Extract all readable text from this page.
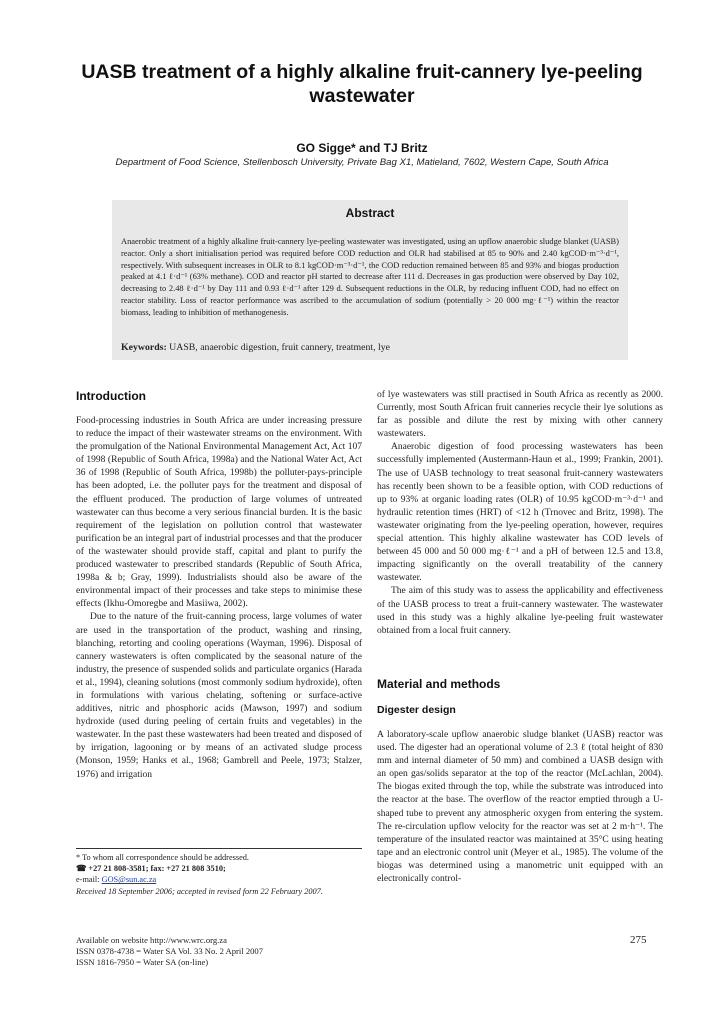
UASB treatment of a highly alkaline fruit-cannery lye-peeling wastewater
GO Sigge* and TJ Britz
Department of Food Science, Stellenbosch University, Private Bag X1, Matieland, 7602, Western Cape, South Africa
Abstract
Anaerobic treatment of a highly alkaline fruit-cannery lye-peeling wastewater was investigated, using an upflow anaerobic sludge blanket (UASB) reactor. Only a short initialisation period was required before COD reduction and OLR had stabilised at 85 to 90% and 2.40 kgCOD·m⁻³·d⁻¹, respectively. With subsequent increases in OLR to 8.1 kgCOD·m⁻³·d⁻¹, the COD reduction remained between 85 and 93% and biogas production peaked at 4.1 ℓ·d⁻¹ (63% methane). COD and reactor pH started to decrease after 111 d. Decreases in gas production were observed by Day 102, decreasing to 2.48 ℓ·d⁻¹ by Day 111 and 0.93 ℓ·d⁻¹ after 129 d. Subsequent reductions in the OLR, by reducing influent COD, had no effect on reactor stability. Loss of reactor performance was ascribed to the accumulation of sodium (potentially > 20 000 mg·ℓ⁻¹) within the reactor biomass, leading to inhibition of methanogenesis.
Keywords: UASB, anaerobic digestion, fruit cannery, treatment, lye
Introduction

Food-processing industries in South Africa are under increasing pressure to reduce the impact of their wastewater streams on the environment. With the promulgation of the National Environmental Management Act, Act 107 of 1998 (Republic of South Africa, 1998a) and the National Water Act, Act 36 of 1998 (Republic of South Africa, 1998b) the polluter-pays-principle has been adopted, i.e. the polluter pays for the treatment and disposal of the effluent produced. The production of large volumes of untreated wastewater can thus become a very serious financial burden. It is the basic requirement of the legislation on pollution control that wastewater purification be an integral part of industrial processes and that the producer of the wastewater should provide staff, capital and plant to purify the produced wastewater to prescribed standards (Republic of South Africa, 1998a & b; Gray, 1999). Industrialists should also be aware of the environmental impact of their processes and take steps to minimise these effects (Ikhu-Omoregbe and Masiiwa, 2002).

Due to the nature of the fruit-canning process, large volumes of water are used in the transportation of the product, washing and rinsing, blanching, retorting and cooling operations (Wayman, 1996). Disposal of cannery wastewaters is often complicated by the seasonal nature of the industry, the presence of suspended solids and particulate organics (Harada et al., 1994), cleaning solutions (most commonly sodium hydroxide), often in formulations with various chelating, softening or surface-active additives, nitric and phosphoric acids (Mawson, 1997) and sodium hydroxide (used during peeling of certain fruits and vegetables) in the wastewater. In the past these wastewaters had been treated and disposed of by irrigation, lagooning or by means of an activated sludge process (Monson, 1959; Hanks et al., 1968; Gambrell and Peele, 1973; Stalzer, 1976) and irrigation

* To whom all correspondence should be addressed.
☎ +27 21 808-3581; fax: +27 21 808 3510;
e-mail: GOS@sun.ac.za
Received 18 September 2006; accepted in revised form 22 February 2007.

of lye wastewaters was still practised in South Africa as recently as 2000. Currently, most South African fruit canneries recycle their lye solutions as far as possible and dilute the rest by mixing with other cannery wastewaters.

Anaerobic digestion of food processing wastewaters has been successfully implemented (Austermann-Haun et al., 1999; Frankin, 2001). The use of UASB technology to treat seasonal fruit-cannery wastewaters has recently been shown to be a feasible option, with COD reductions of up to 93% at organic loading rates (OLR) of 10.95 kgCOD·m⁻³·d⁻¹ and hydraulic retention times (HRT) of <12 h (Trnovec and Britz, 1998). The wastewater originating from the lye-peeling operation, however, requires special attention. This highly alkaline wastewater has COD levels of between 45 000 and 50 000 mg·ℓ⁻¹ and a pH of between 12.5 and 13.8, impacting significantly on the overall treatability of the cannery wastewater.

The aim of this study was to assess the applicability and effectiveness of the UASB process to treat a fruit-cannery wastewater. The wastewater used in this study was a highly alkaline lye-peeling fruit wastewater obtained from a local fruit cannery.

Material and methods
Digester design

A laboratory-scale upflow anaerobic sludge blanket (UASB) reactor was used. The digester had an operational volume of 2.3 ℓ (total height of 830 mm and internal diameter of 50 mm) and combined a UASB design with an open gas/solids separator at the top of the reactor (McLachlan, 2004). The biogas exited through the top, while the substrate was introduced into the reactor at the base. The overflow of the reactor emptied through a U-shaped tube to prevent any atmospheric oxygen from entering the system. The re-circulation upflow velocity for the reactor was set at 2 m·h⁻¹. The temperature of the insulated reactor was maintained at 35°C using heating tape and an electronic control unit (Meyer et al., 1985). The volume of the biogas was determined using a manometric unit equipped with an electronically control-

Available on website http://www.wrc.org.za
ISSN 0378-4738 = Water SA Vol. 33 No. 2 April 2007
ISSN 1816-7950 = Water SA (on-line)
275
